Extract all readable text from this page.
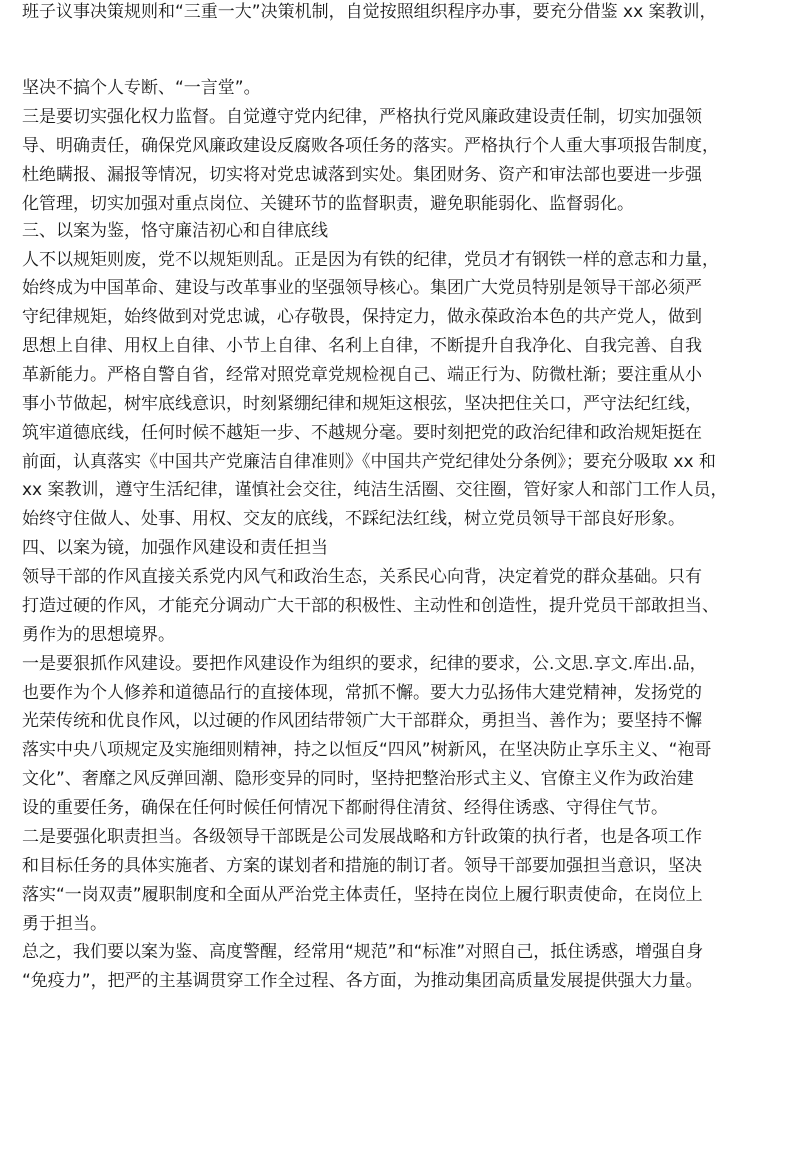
班子议事决策规则和“三重一大”决策机制，自觉按照组织程序办事，要充分借鉴 xx 案教训，
坚决不搞个人专断、“一言堂”。
三是要切实强化权力监督。自觉遵守党内纪律，严格执行党风廉政建设责任制，切实加强领
导、明确责任，确保党风廉政建设反腐败各项任务的落实。严格执行个人重大事项报告制度，
杜绝瞒报、漏报等情况，切实将对党忠诚落到实处。集团财务、资产和审法部也要进一步强
化管理，切实加强对重点岗位、关键环节的监督职责，避免职能弱化、监督弱化。
三、以案为鉴，恪守廉洁初心和自律底线
人不以规矩则废，党不以规矩则乱。正是因为有铁的纪律，党员才有钢铁一样的意志和力量，
始终成为中国革命、建设与改革事业的坚强领导核心。集团广大党员特别是领导干部必须严
守纪律规矩，始终做到对党忠诚，心存敬畏，保持定力，做永葆政治本色的共产党人，做到
思想上自律、用权上自律、小节上自律、名利上自律，不断提升自我净化、自我完善、自我
革新能力。严格自警自省，经常对照党章党规检视自己、端正行为、防微杜渐；要注重从小
事小节做起，树牢底线意识，时刻紧绷纪律和规矩这根弦，坚决把住关口，严守法纪红线，
筑牢道德底线，任何时候不越矩一步、不越规分毫。要时刻把党的政治纪律和政治规矩挺在
前面，认真落实《中国共产党廉洁自律准则》《中国共产党纪律处分条例》；要充分吸取 xx 和
xx 案教训，遵守生活纪律，谨慎社会交往，纯洁生活圈、交往圈，管好家人和部门工作人员，
始终守住做人、处事、用权、交友的底线，不踩纪法红线，树立党员领导干部良好形象。
四、以案为镜，加强作风建设和责任担当
领导干部的作风直接关系党内风气和政治生态，关系民心向背，决定着党的群众基础。只有
打造过硬的作风，才能充分调动广大干部的积极性、主动性和创造性，提升党员干部敢担当、
勇作为的思想境界。
一是要狠抓作风建设。要把作风建设作为组织的要求，纪律的要求，公.文思.享文.库出.品，
也要作为个人修养和道德品行的直接体现，常抓不懈。要大力弘扬伟大建党精神，发扬党的
光荣传统和优良作风，以过硬的作风团结带领广大干部群众，勇担当、善作为；要坚持不懈
落实中央八项规定及实施细则精神，持之以恒反“四风”树新风，在坚决防止享乐主义、“袍哥
文化”、奢靡之风反弹回潮、隐形变异的同时，坚持把整治形式主义、官僚主义作为政治建
设的重要任务，确保在任何时候任何情况下都耐得住清贫、经得住诱惑、守得住气节。
二是要强化职责担当。各级领导干部既是公司发展战略和方针政策的执行者，也是各项工作
和目标任务的具体实施者、方案的谋划者和措施的制订者。领导干部要加强担当意识，坚决
落实“一岗双责”履职制度和全面从严治党主体责任，坚持在岗位上履行职责使命，在岗位上
勇于担当。
总之，我们要以案为鉴、高度警醒，经常用“规范”和“标准”对照自己，抵住诱惑，增强自身
“免疫力”，把严的主基调贯穿工作全过程、各方面，为推动集团高质量发展提供强大力量。
